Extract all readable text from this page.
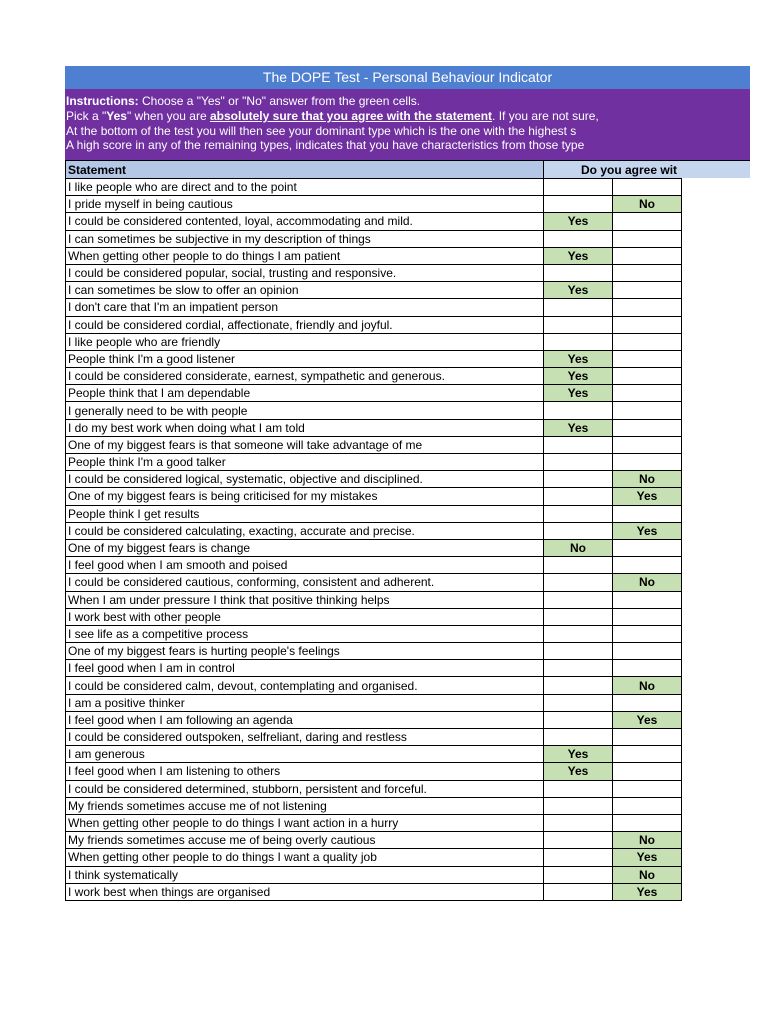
The DOPE Test - Personal Behaviour Indicator
Instructions: Choose a "Yes" or "No" answer from the green cells.
Pick a "Yes" when you are absolutely sure that you agree with the statement. If you are not sure,
At the bottom of the test you will then see your dominant type which is the one with the highest s
A high score in any of the remaining types, indicates that you have characteristics from those type
Statement	Do you agree wit
I like people who are direct and to the point		
I pride myself in being cautious		No
I could be considered contented, loyal, accommodating and mild.	Yes	
I can sometimes be subjective in my description of things		
When getting other people to do things I am patient	Yes	
I could be considered popular, social, trusting and responsive.		
I can sometimes be slow to offer an opinion	Yes	
I don't care that I'm an impatient person		
I could be considered cordial, affectionate, friendly and joyful.		
I like people who are friendly		
People think I'm a good listener	Yes	
I could be considered considerate, earnest, sympathetic and generous.	Yes	
People think that I am dependable	Yes	
I generally need to be with people		
I do my best work when doing what I am told	Yes	
One of my biggest fears is that someone will take advantage of me		
People think I'm a good talker		
I could be considered logical, systematic, objective and disciplined.		No
One of my biggest fears is being criticised for my mistakes		Yes
People think I get results		
I could be considered calculating, exacting, accurate and precise.		Yes
One of my biggest fears is change	No	
I feel good when I am smooth and poised		
I could be considered cautious, conforming, consistent and adherent.		No
When I am under pressure I think that positive thinking helps		
I work best with other people		
I see life as a competitive process		
One of my biggest fears is hurting people's feelings		
I feel good when I am in control		
I could be considered calm, devout, contemplating and organised.		No
I am a positive thinker		
I feel good when I am following an agenda		Yes
I could be considered outspoken, selfreliant, daring and restless		
I am generous	Yes	
I feel good when I am listening to others	Yes	
I could be considered determined, stubborn, persistent and forceful.		
My friends sometimes accuse me of not listening		
When getting other people to do things I want action in a hurry		
My friends sometimes accuse me of being overly cautious		No
When getting other people to do things I want a quality job		Yes
I think systematically		No
I work best when things are organised		Yes
